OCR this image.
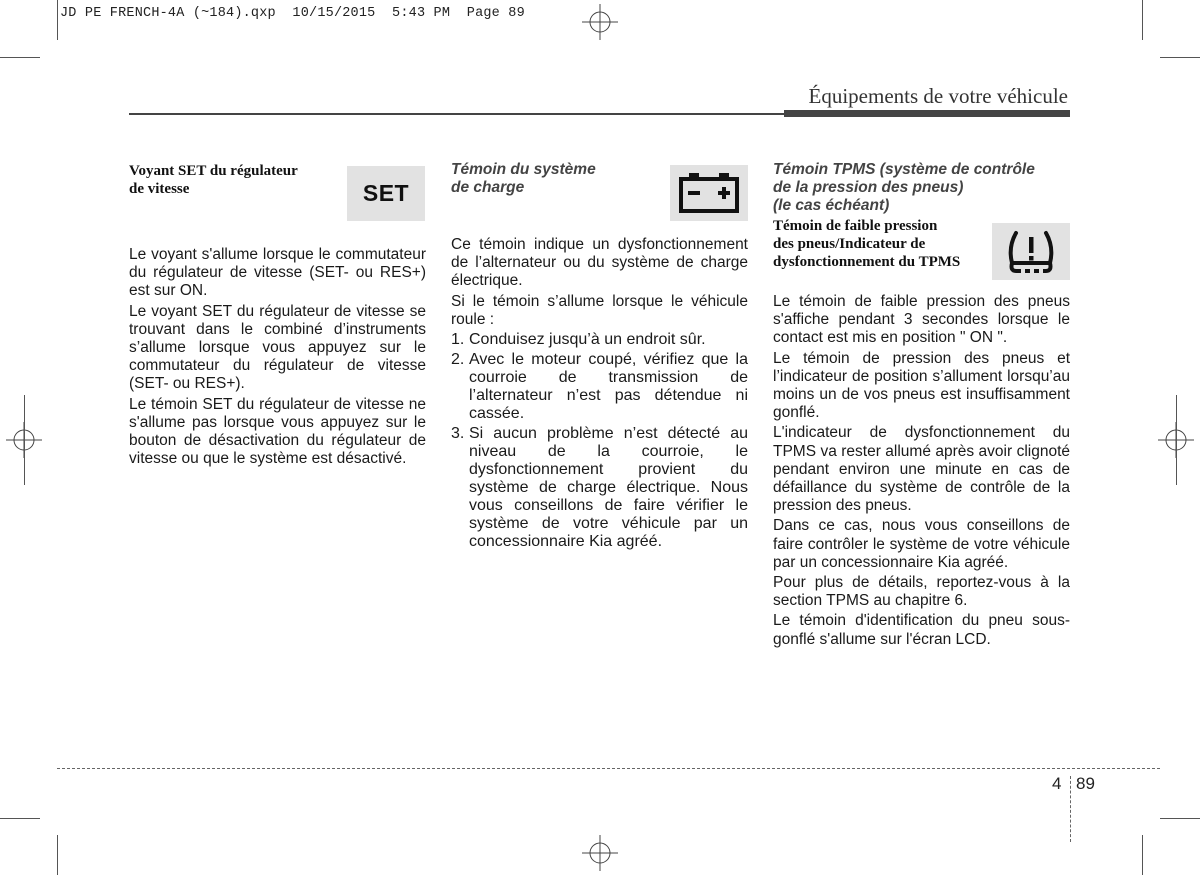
JD PE FRENCH-4A (~184).qxp  10/15/2015  5:43 PM  Page 89
Équipements de votre véhicule
Voyant SET du régulateur
de vitesse

Le voyant s'allume lorsque le commutateur du régulateur de vitesse (SET- ou RES+) est sur ON.

Le voyant SET du régulateur de vitesse se trouvant dans le combiné d’instruments s’allume lorsque vous appuyez sur le commutateur du régulateur de vitesse (SET- ou RES+).

Le témoin SET du régulateur de vitesse ne s'allume pas lorsque vous appuyez sur le bouton de désactivation du régulateur de vitesse ou que le système est désactivé.

SET
Témoin du système
de charge

Ce témoin indique un dysfonctionnement de l’alternateur ou du système de charge électrique.

Si le témoin s’allume lorsque le véhicule roule :

1. Conduisez jusqu’à un endroit sûr.
2. Avec le moteur coupé, vérifiez que la courroie de transmission de l’alternateur n’est pas détendue ni cassée.
3. Si aucun problème n’est détecté au niveau de la courroie, le dysfonctionnement provient du système de charge électrique. Nous vous conseillons de faire vérifier le système de votre véhicule par un concessionnaire Kia agréé.
Témoin TPMS (système de contrôle
de la pression des pneus)
(le cas échéant)
Témoin de faible pression
des pneus/Indicateur de
dysfonctionnement du TPMS

Le témoin de faible pression des pneus s'affiche pendant 3 secondes lorsque le contact est mis en position " ON ".

Le témoin de pression des pneus et l’indicateur de position s’allument lorsqu’au moins un de vos pneus est insuffisamment gonflé.

L'indicateur de dysfonctionnement du TPMS va rester allumé après avoir clignoté pendant environ une minute en cas de défaillance du système de contrôle de la pression des pneus.

Dans ce cas, nous vous conseillons de faire contrôler le système de votre véhicule par un concessionnaire Kia agréé.

Pour plus de détails, reportez-vous à la section TPMS au chapitre 6.

Le témoin d'identification du pneu sous-gonflé s'allume sur l'écran LCD.

4 89
